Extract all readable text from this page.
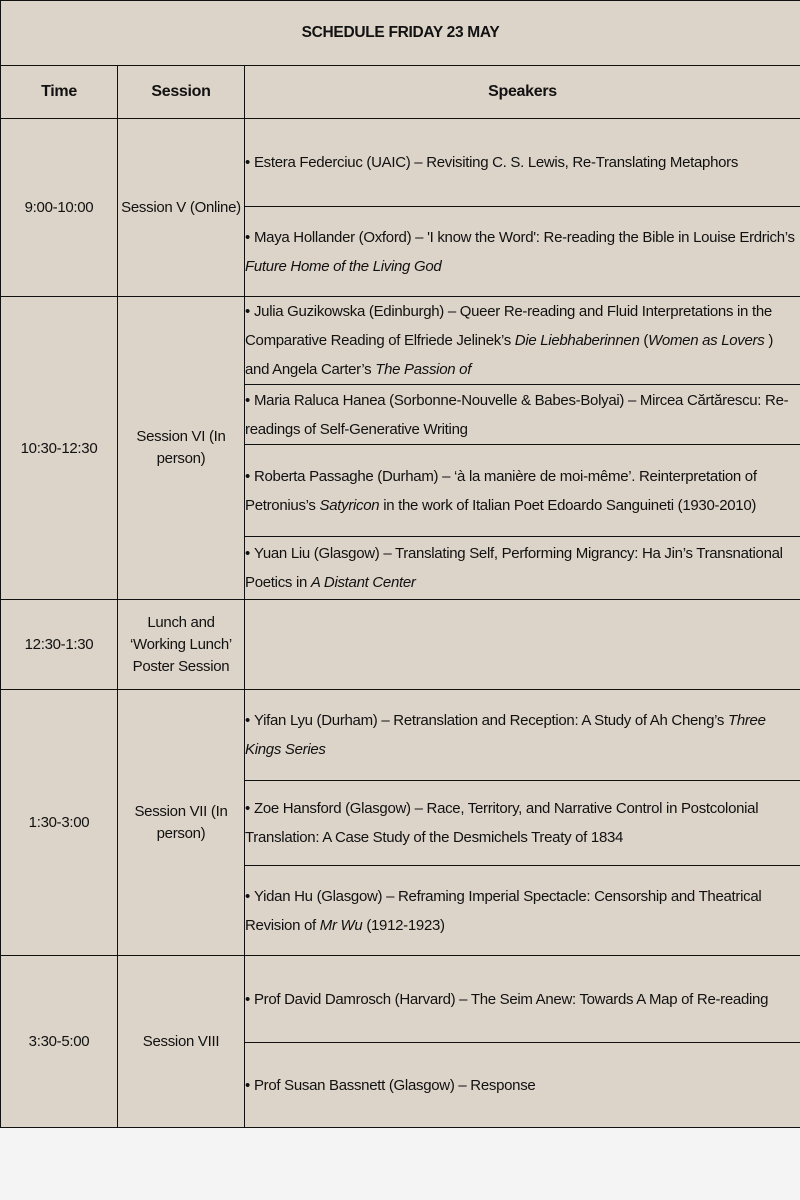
SCHEDULE FRIDAY 23 MAY		
Time	Session	Speakers
9:00-10:00	Session V (Online)	• Estera Federciuc (UAIC) – Revisiting C. S. Lewis, Re-Translating Metaphors

		• Maya Hollander (Oxford) – 'I know the Word': Re-reading the Bible in Louise Erdrich’s Future Home of the Living God

10:30-12:30	Session VI (In person)	• Julia Guzikowska (Edinburgh) – Queer Re-reading and Fluid Interpretations in the Comparative Reading of Elfriede Jelinek’s Die Liebhaberinnen (Women as Lovers ) and Angela Carter’s The Passion of

		• Maria Raluca Hanea (Sorbonne-Nouvelle & Babes-Bolyai) – Mircea Cărtărescu: Re-readings of Self-Generative Writing

		• Roberta Passaghe (Durham) – ‘à la manière de moi-même’. Reinterpretation of Petronius’s Satyricon in the work of Italian Poet Edoardo Sanguineti (1930-2010)

		• Yuan Liu (Glasgow) – Translating Self, Performing Migrancy: Ha Jin’s Transnational Poetics in A Distant Center

12:30-1:30	Lunch and ‘Working Lunch’ Poster Session	
1:30-3:00	Session VII (In person)	• Yifan Lyu (Durham) – Retranslation and Reception: A Study of Ah Cheng’s Three Kings Series

		• Zoe Hansford (Glasgow) – Race, Territory, and Narrative Control in Postcolonial Translation: A Case Study of the Desmichels Treaty of 1834

		• Yidan Hu (Glasgow) – Reframing Imperial Spectacle: Censorship and Theatrical Revision of Mr Wu (1912-1923)

3:30-5:00	Session VIII	• Prof David Damrosch (Harvard) – The Seim Anew: Towards A Map of Re-reading

		• Prof Susan Bassnett (Glasgow) – Response
